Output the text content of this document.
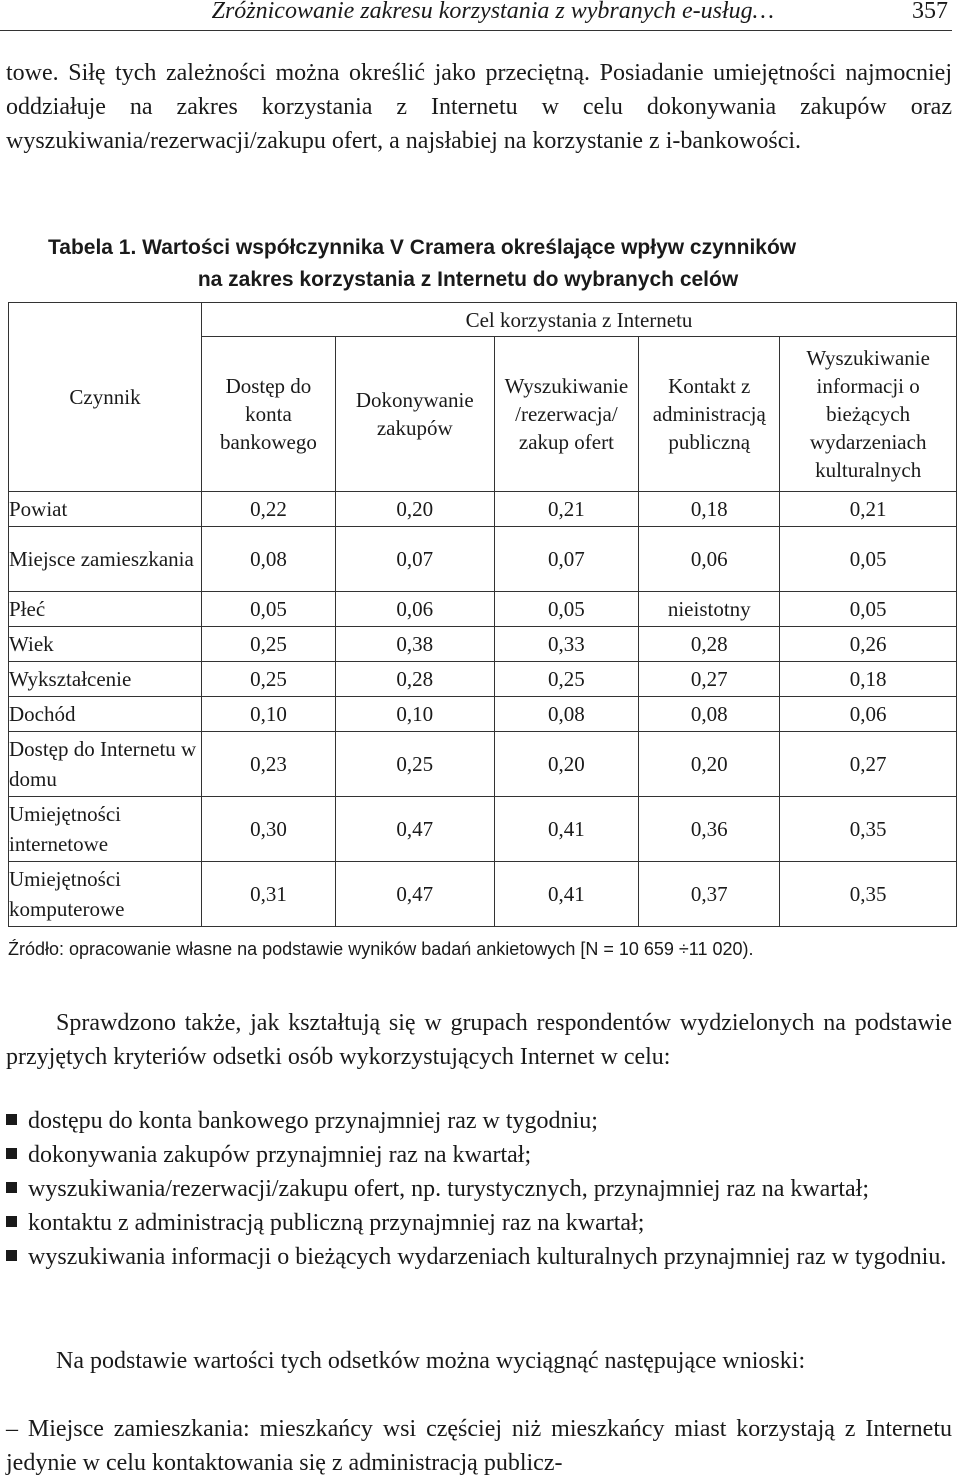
Zróżnicowanie zakresu korzystania z wybranych e-usług…	357

towe. Siłę tych zależności można określić jako przeciętną. Posiadanie umiejętności najmocniej oddziałuje na zakres korzystania z Internetu w celu dokonywania zakupów oraz wyszukiwania/rezerwacji/zakupu ofert, a najsłabiej na korzystanie z i-bankowości.

Tabela 1. Wartości współczynnika V Cramera określające wpływ czynników
na zakres korzystania z Internetu do wybranych celów
Czynnik	Cel korzystania z Internetu				
	Dostęp do konta bankowego	Dokonywanie zakupów	Wyszukiwanie /rezerwacja/ zakup ofert	Kontakt z administracją publiczną	Wyszukiwanie informacji o bieżących wydarzeniach kulturalnych
Powiat	0,22	0,20	0,21	0,18	0,21
Miejsce zamieszkania	0,08	0,07	0,07	0,06	0,05
Płeć	0,05	0,06	0,05	nieistotny	0,05
Wiek	0,25	0,38	0,33	0,28	0,26
Wykształcenie	0,25	0,28	0,25	0,27	0,18
Dochód	0,10	0,10	0,08	0,08	0,06
Dostęp do Internetu w domu	0,23	0,25	0,20	0,20	0,27
Umiejętności internetowe	0,30	0,47	0,41	0,36	0,35
Umiejętności komputerowe	0,31	0,47	0,41	0,37	0,35
Źródło: opracowanie własne na podstawie wyników badań ankietowych [N = 10 659 ÷11 020).

Sprawdzono także, jak kształtują się w grupach respondentów wydzielonych na podstawie przyjętych kryteriów odsetki osób wykorzystujących Internet w celu:

dostępu do konta bankowego przynajmniej raz w tygodniu;
dokonywania zakupów przynajmniej raz na kwartał;
wyszukiwania/rezerwacji/zakupu ofert, np. turystycznych, przynajmniej raz na kwartał;
kontaktu z administracją publiczną przynajmniej raz na kwartał;
wyszukiwania informacji o bieżących wydarzeniach kulturalnych przynajmniej raz w tygodniu.

Na podstawie wartości tych odsetków można wyciągnąć następujące wnioski:

– Miejsce zamieszkania: mieszkańcy wsi częściej niż mieszkańcy miast korzystają z Internetu jedynie w celu kontaktowania się z administracją publicz-
